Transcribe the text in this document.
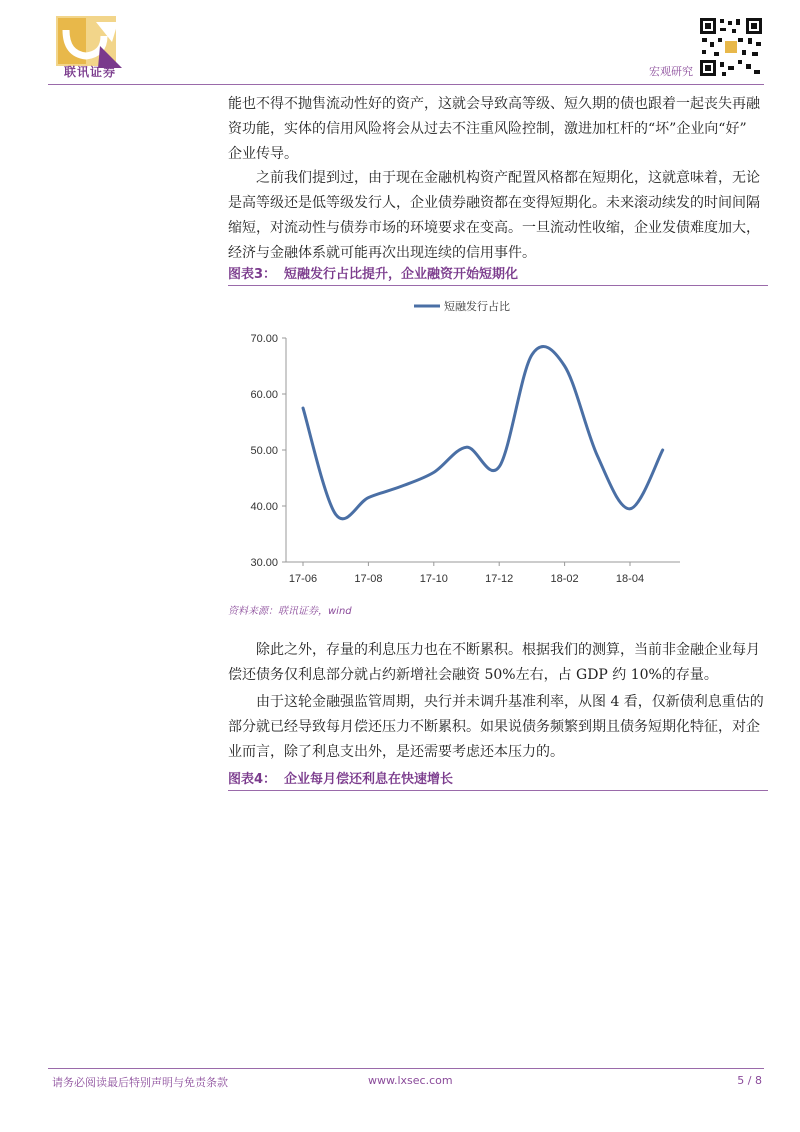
联讯证券	宏观研究

能也不得不抛售流动性好的资产，这就会导致高等级、短久期的债也跟着一起丧失再融

资功能，实体的信用风险将会从过去不注重风险控制，激进加杠杆的“坏”企业向“好”

企业传导。

之前我们提到过，由于现在金融机构资产配置风格都在短期化，这就意味着，无论

是高等级还是低等级发行人，企业债券融资都在变得短期化。未来滚动续发的时间间隔

缩短，对流动性与债券市场的环境要求在变高。一旦流动性收缩，企业发债难度加大，

经济与金融体系就可能再次出现连续的信用事件。

图表3： 短融发行占比提升，企业融资开始短期化
30.00
40.00
50.00
60.00
70.00
17-06	17-08	17-10	17-12	18-02	18-04
短融发行占比
资料来源：联讯证券，wind

除此之外，存量的利息压力也在不断累积。根据我们的测算，当前非金融企业每月

偿还债务仅利息部分就占约新增社会融资 50%左右，占 GDP 约 10%的存量。

由于这轮金融强监管周期，央行并未调升基准利率，从图 4 看，仅新债利息重估的

部分就已经导致每月偿还压力不断累积。如果说债务频繁到期且债务短期化特征，对企

业而言，除了利息支出外，是还需要考虑还本压力的。

图表4： 企业每月偿还利息在快速增长
请务必阅读最后特别声明与免责条款	www.lxsec.com	5 / 8
